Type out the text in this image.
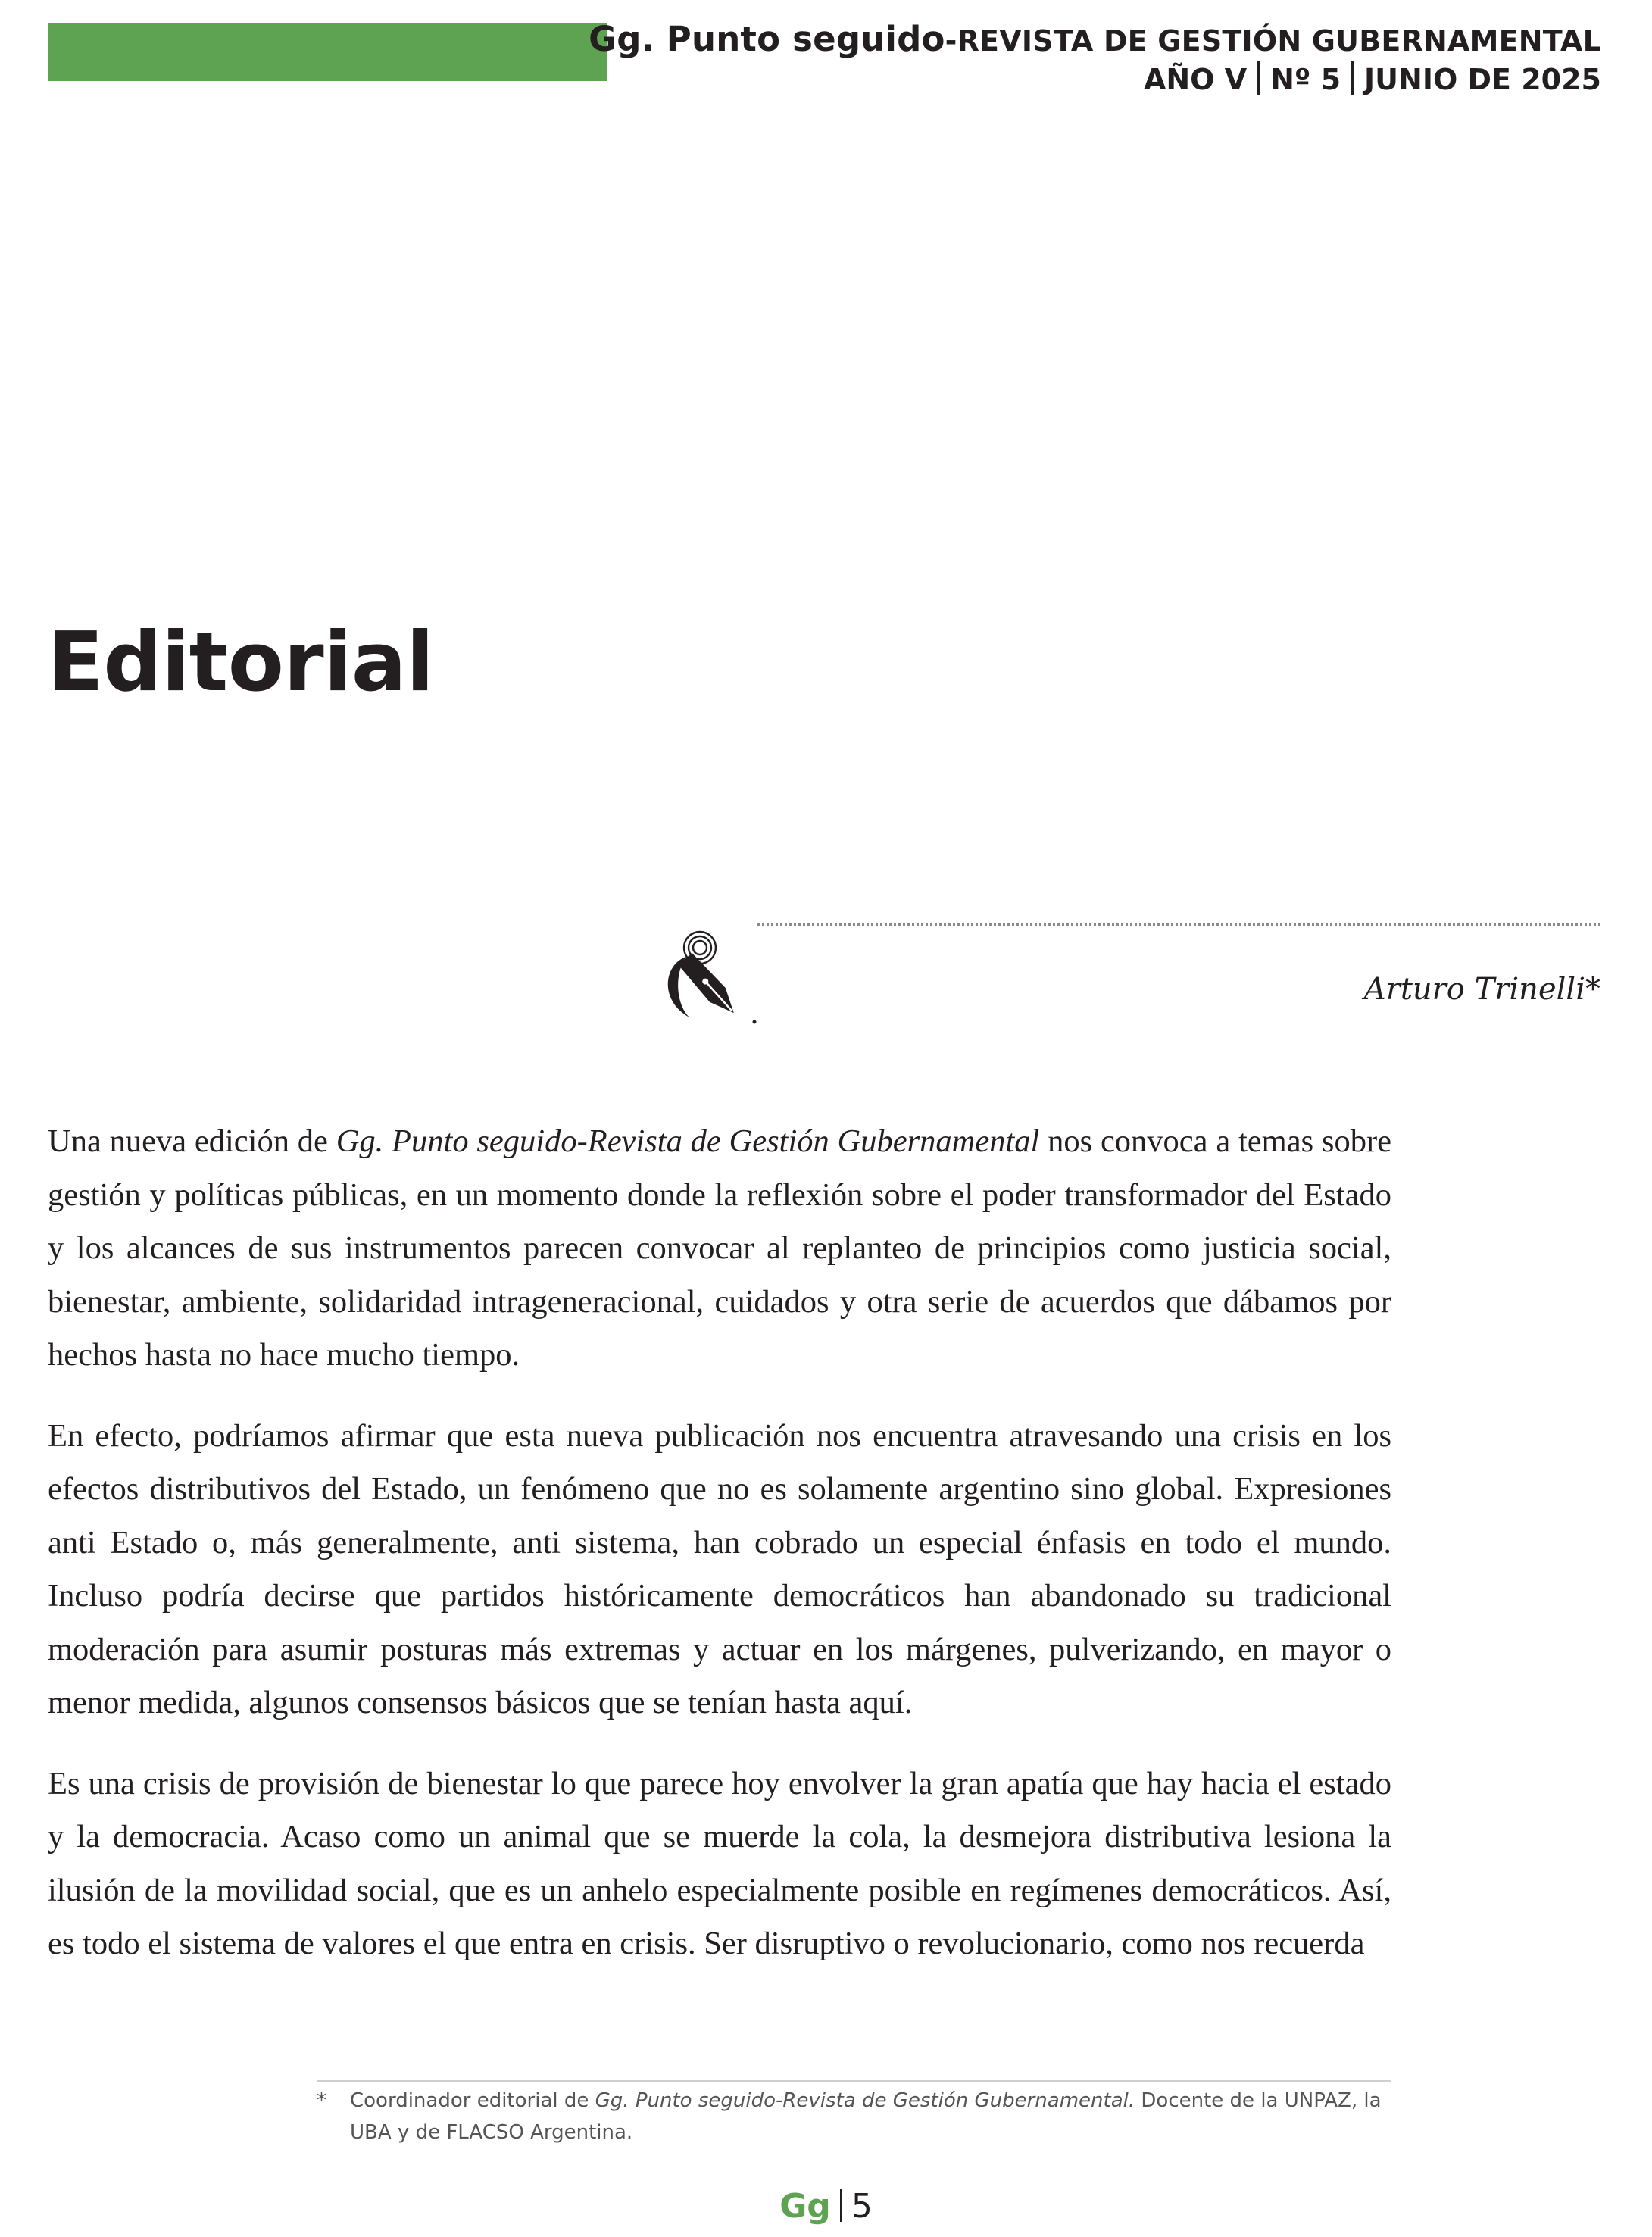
Gg. Punto seguido-REVISTA DE GESTIÓN GUBERNAMENTAL
AÑO V Nº 5 JUNIO DE 2025
Editorial
Arturo Trinelli*

Una nueva edición de Gg. Punto seguido-Revista de Gestión Gubernamental nos convoca a temas sobre gestión y políticas públicas, en un momento donde la reflexión sobre el poder transformador del Estado y los alcances de sus instrumentos parecen convocar al replanteo de principios como justicia social, bienestar, ambiente, solidaridad intrageneracional, cuidados y otra serie de acuerdos que dábamos por hechos hasta no hace mucho tiempo.

En efecto, podríamos afirmar que esta nueva publicación nos encuentra atravesando una crisis en los efectos distributivos del Estado, un fenómeno que no es solamente argentino sino global. Expresiones anti Estado o, más generalmente, anti sistema, han cobrado un especial énfasis en todo el mundo. Incluso podría decirse que partidos históricamente democráticos han abandonado su tradicional moderación para asumir posturas más extremas y actuar en los márgenes, pulverizando, en mayor o menor medida, algunos consensos básicos que se tenían hasta aquí.

Es una crisis de provisión de bienestar lo que parece hoy envolver la gran apatía que hay hacia el estado y la democracia. Acaso como un animal que se muerde la cola, la desmejora distributiva lesiona la ilusión de la movilidad social, que es un anhelo especialmente posible en regímenes democráticos. Así, es todo el sistema de valores el que entra en crisis. Ser disruptivo o revolucionario, como nos recuerda

* Coordinador editorial de Gg. Punto seguido-Revista de Gestión Gubernamental. Docente de la UNPAZ, la UBA y de FLACSO Argentina.
Gg 5
